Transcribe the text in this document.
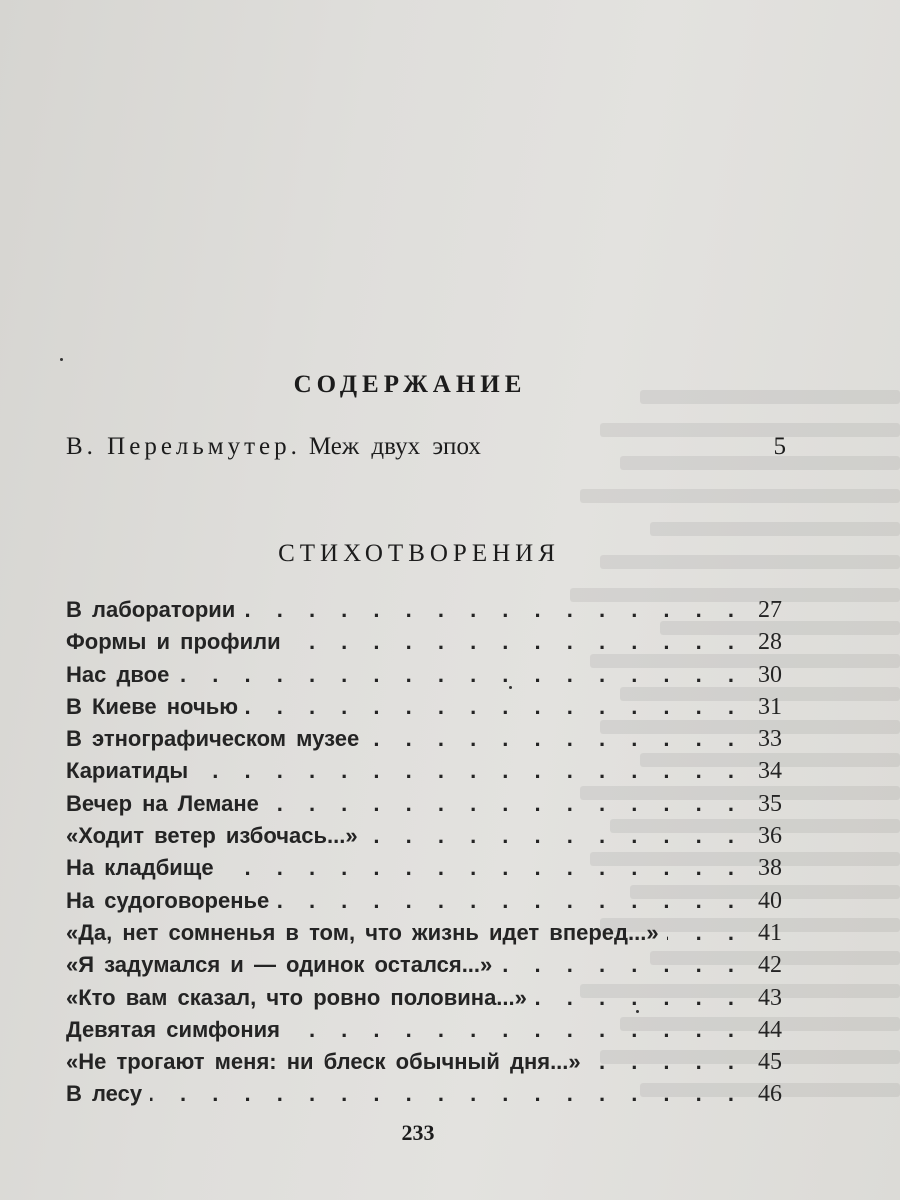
СОДЕРЖАНИЕ
В. Перельмутер. Меж двух эпох	5
СТИХОТВОРЕНИЯ
В лаборатории . . .	27
Формы и профили . . .	28
Нас двое . . .	30
В Киеве ночью . . .	31
В этнографическом музее . . .	33
Кариатиды . . .	34
Вечер на Лемане . . .	35
«Ходит ветер избочась...» . . .	36
На кладбище . . .	38
На судоговоренье . . .	40
«Да, нет сомненья в том, что жизнь идет вперед...» . . .	41
«Я задумался и — одинок остался...» . . .	42
«Кто вам сказал, что ровно половина...» . . .	43
Девятая симфония . . .	44
«Не трогают меня: ни блеск обычный дня...» . . .	45
В лесу . . .	46
233
